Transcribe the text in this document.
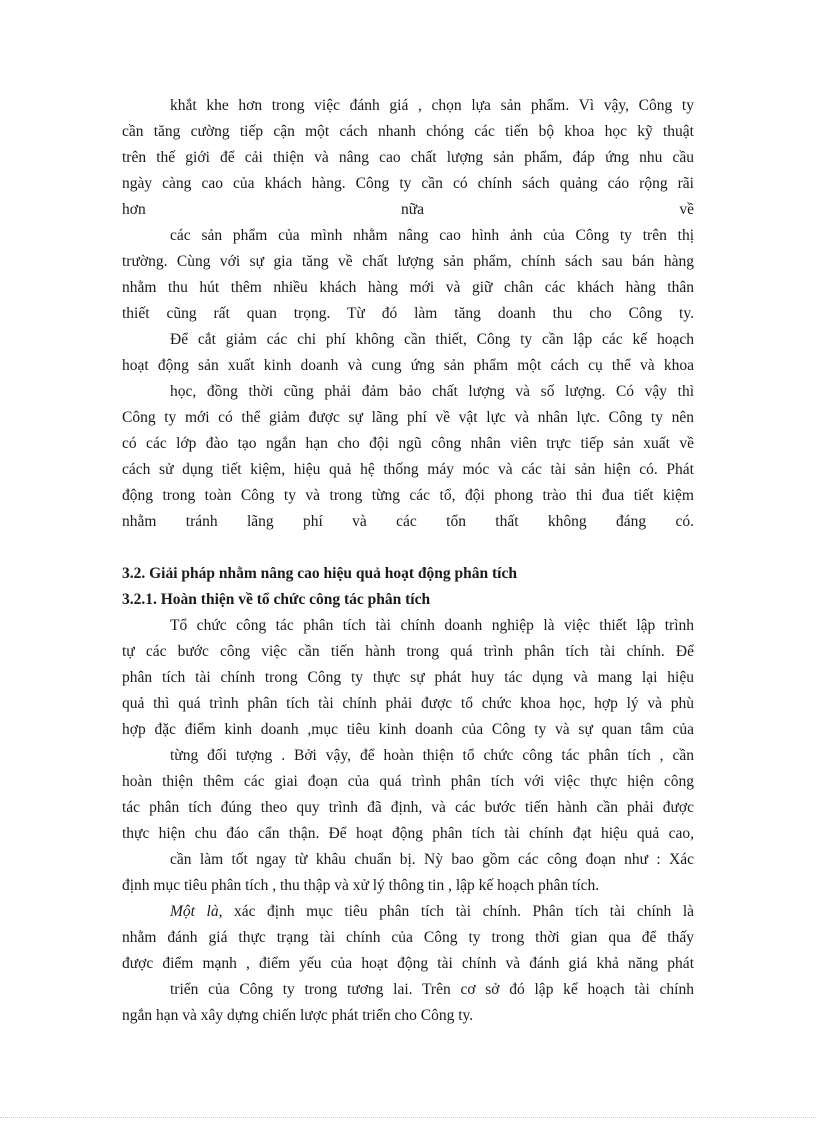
khắt khe hơn trong việc đánh giá , chọn lựa sản phẩm. Vì vậy, Công ty
cần tăng cường tiếp cận một cách nhanh chóng các tiến bộ khoa học kỹ thuật
trên thế giới để cải thiện và nâng cao chất lượng sản phẩm, đáp ứng nhu cầu
ngày càng cao của khách hàng. Công ty cần có chính sách quảng cáo rộng rãi
hơn nữa về
các sản phẩm của mình nhằm nâng cao hình ảnh của Công ty trên thị
trường. Cùng với sự gia tăng về chất lượng sản phẩm, chính sách sau bán hàng
nhằm thu hút thêm nhiều khách hàng mới và giữ chân các khách hàng thân
thiết cũng rất quan trọng. Từ đó làm tăng doanh thu cho Công ty.
Để cắt giảm các chi phí không cần thiết, Công ty cần lập các kế hoạch
hoạt động sản xuất kinh doanh và cung ứng sản phẩm một cách cụ thể và khoa
học, đồng thời cũng phải đảm bảo chất lượng và số lượng. Có vậy thì
Công ty mới có thể giảm được sự lãng phí về vật lực và nhân lực. Công ty nên
có các lớp đào tạo ngắn hạn cho đội ngũ công nhân viên trực tiếp sản xuất về
cách sử dụng tiết kiệm, hiệu quả hệ thống máy móc và các tài sản hiện có. Phát
động trong toàn Công ty và trong từng các tổ, đội phong trào thi đua tiết kiệm
nhằm tránh lãng phí và các tổn thất không đáng có.
3.2. Giải pháp nhằm nâng cao hiệu quả hoạt động phân tích
3.2.1. Hoàn thiện về tổ chức công tác phân tích
Tổ chức công tác phân tích tài chính doanh nghiệp là việc thiết lập trình
tự các bước công việc cần tiến hành trong quá trình phân tích tài chính. Để
phân tích tài chính trong Công ty thực sự phát huy tác dụng và mang lại hiệu
quả thì quá trình phân tích tài chính phải được tổ chức khoa học, hợp lý và phù
hợp đặc điểm kinh doanh ,mục tiêu kinh doanh của Công ty và sự quan tâm của
từng đối tượng . Bởi vậy, để hoàn thiện tổ chức công tác phân tích , cần
hoàn thiện thêm các giai đoạn của quá trình phân tích với việc thực hiện công
tác phân tích đúng theo quy trình đã định, và các bước tiến hành cần phải được
thực hiện chu đáo cẩn thận. Để hoạt động phân tích tài chính đạt hiệu quả cao,
cần làm tốt ngay từ khâu chuẩn bị. Nỳ bao gồm các công đoạn như : Xác
định mục tiêu phân tích , thu thập và xử lý thông tin , lập kế hoạch phân tích.
Một là, xác định mục tiêu phân tích tài chính. Phân tích tài chính là
nhằm đánh giá thực trạng tài chính của Công ty trong thời gian qua để thấy
được điểm mạnh , điểm yếu của hoạt động tài chính và đánh giá khả năng phát
triển của Công ty trong tương lai. Trên cơ sở đó lập kế hoạch tài chính
ngắn hạn và xây dựng chiến lược phát triển cho Công ty.
